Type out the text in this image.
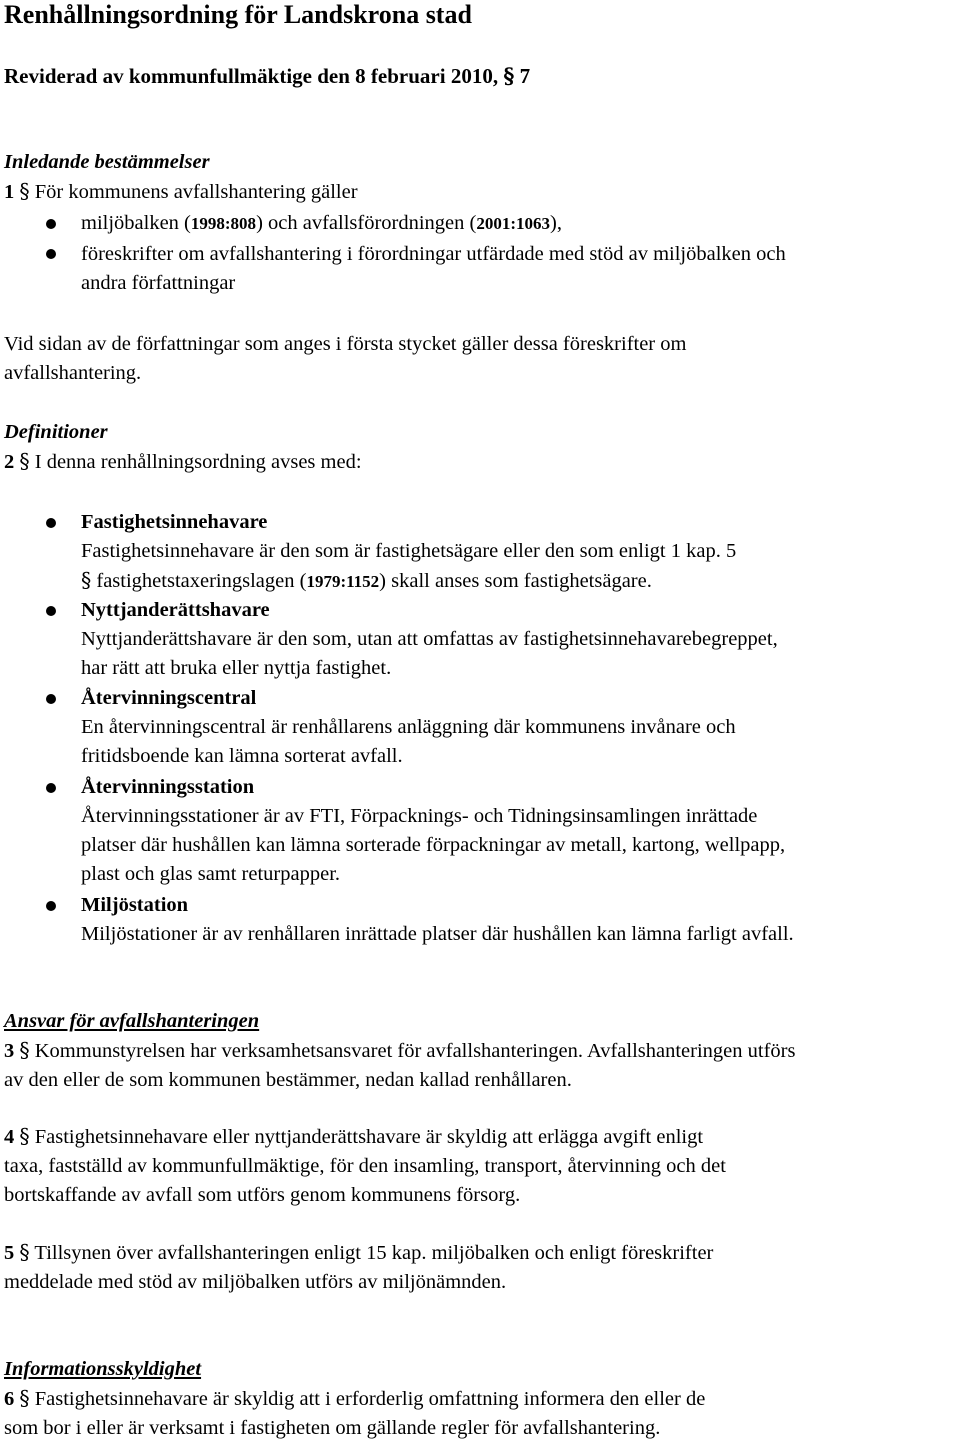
Renhållningsordning för Landskrona stad
Reviderad av kommunfullmäktige den 8 februari 2010, § 7
Inledande bestämmelser
1 § För kommunens avfallshantering gäller
miljöbalken (1998:808) och avfallsförordningen (2001:1063),
föreskrifter om avfallshantering i förordningar utfärdade med stöd av miljöbalken och
andra författningar
Vid sidan av de författningar som anges i första stycket gäller dessa föreskrifter om
avfallshantering.
Definitioner
2 § I denna renhållningsordning avses med:
Fastighetsinnehavare
Fastighetsinnehavare är den som är fastighetsägare eller den som enligt 1 kap. 5
§ fastighetstaxeringslagen (1979:1152) skall anses som fastighetsägare.
Nyttjanderättshavare
Nyttjanderättshavare är den som, utan att omfattas av fastighetsinnehavarebegreppet,
har rätt att bruka eller nyttja fastighet.
Återvinningscentral
En återvinningscentral är renhållarens anläggning där kommunens invånare och
fritidsboende kan lämna sorterat avfall.
Återvinningsstation
Återvinningsstationer är av FTI, Förpacknings- och Tidningsinsamlingen inrättade
platser där hushållen kan lämna sorterade förpackningar av metall, kartong, wellpapp,
plast och glas samt returpapper.
Miljöstation
Miljöstationer är av renhållaren inrättade platser där hushållen kan lämna farligt avfall.
Ansvar för avfallshanteringen
3 § Kommunstyrelsen har verksamhetsansvaret för avfallshanteringen. Avfallshanteringen utförs
av den eller de som kommunen bestämmer, nedan kallad renhållaren.
4 § Fastighetsinnehavare eller nyttjanderättshavare är skyldig att erlägga avgift enligt
taxa, fastställd av kommunfullmäktige, för den insamling, transport, återvinning och det
bortskaffande av avfall som utförs genom kommunens försorg.
5 § Tillsynen över avfallshanteringen enligt 15 kap. miljöbalken och enligt föreskrifter
meddelade med stöd av miljöbalken utförs av miljönämnden.
Informationsskyldighet
6 § Fastighetsinnehavare är skyldig att i erforderlig omfattning informera den eller de
som bor i eller är verksamt i fastigheten om gällande regler för avfallshantering.
